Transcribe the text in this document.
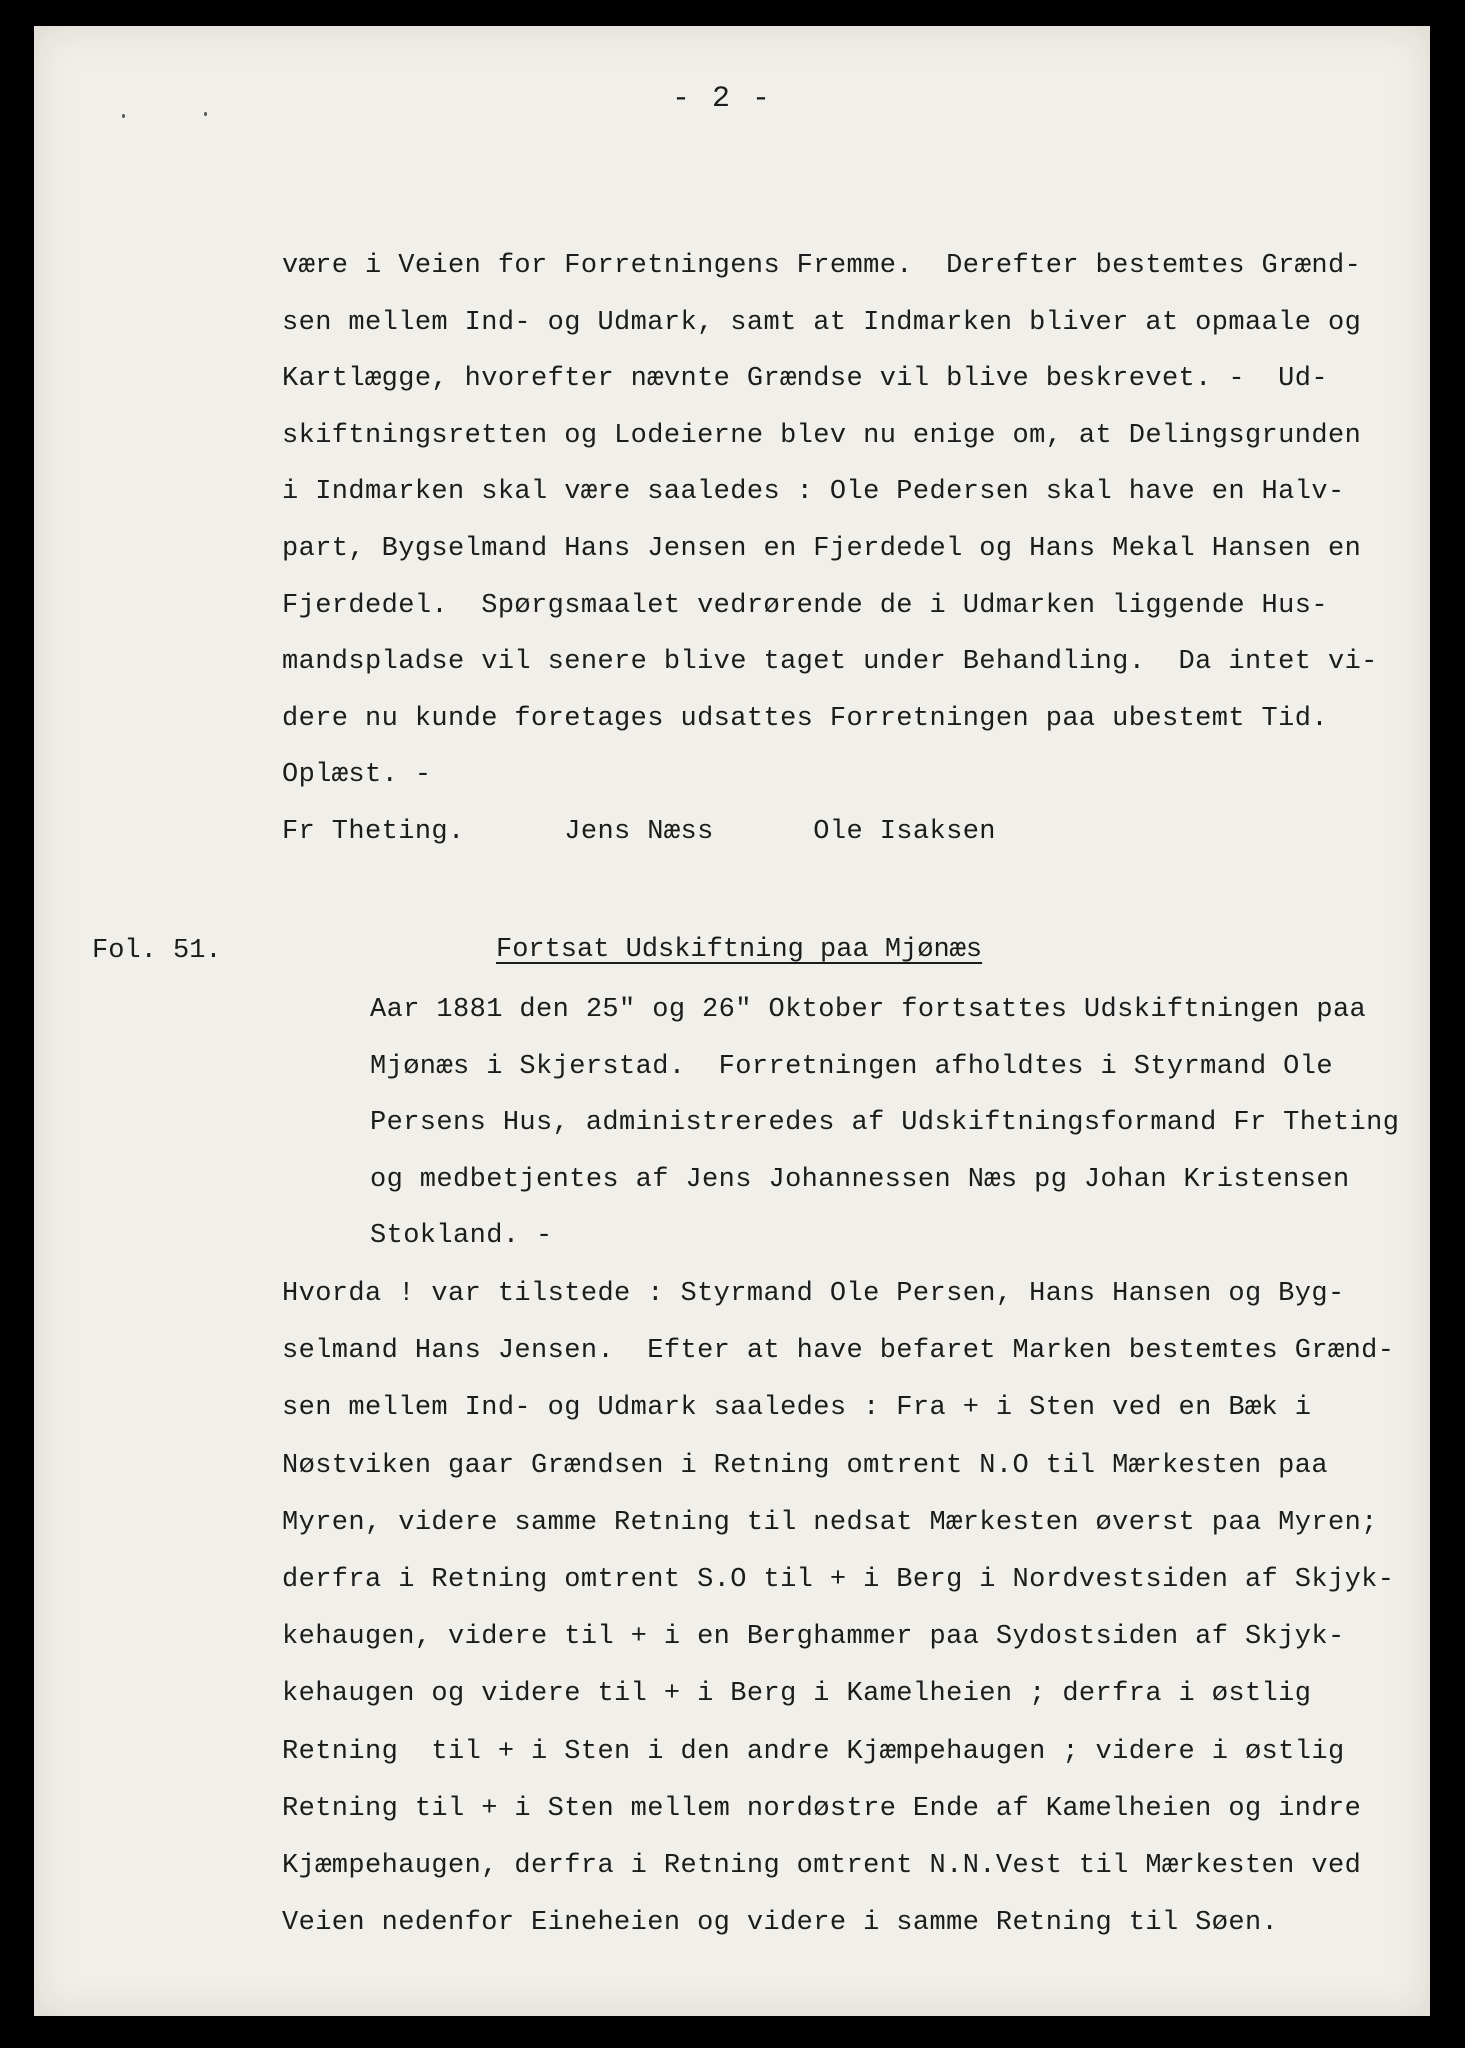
- 2 -
være i Veien for Forretningens Fremme.  Derefter bestemtes Grænd-
sen mellem Ind- og Udmark, samt at Indmarken bliver at opmaale og
Kartlægge, hvorefter nævnte Grændse vil blive beskrevet. -  Ud-
skiftningsretten og Lodeierne blev nu enige om, at Delingsgrunden
i Indmarken skal være saaledes : Ole Pedersen skal have en Halv-
part, Bygselmand Hans Jensen en Fjerdedel og Hans Mekal Hansen en
Fjerdedel.  Spørgsmaalet vedrørende de i Udmarken liggende Hus-
mandspladse vil senere blive taget under Behandling.  Da intet vi-
dere nu kunde foretages udsattes Forretningen paa ubestemt Tid.
Oplæst. -
Fr Theting.      Jens Næss      Ole Isaksen
Fol. 51.	Fortsat Udskiftning paa Mjønæs
Aar 1881 den 25" og 26" Oktober fortsattes Udskiftningen paa
Mjønæs i Skjerstad.  Forretningen afholdtes i Styrmand Ole
Persens Hus, administreredes af Udskiftningsformand Fr Theting
og medbetjentes af Jens Johannessen Næs pg Johan Kristensen
Stokland. -
Hvorda ! var tilstede : Styrmand Ole Persen, Hans Hansen og Byg-
selmand Hans Jensen.  Efter at have befaret Marken bestemtes Grænd-
sen mellem Ind- og Udmark saaledes : Fra + i Sten ved en Bæk i
Nøstviken gaar Grændsen i Retning omtrent N.O til Mærkesten paa
Myren, videre samme Retning til nedsat Mærkesten øverst paa Myren;
derfra i Retning omtrent S.O til + i Berg i Nordvestsiden af Skjyk-
kehaugen, videre til + i en Berghammer paa Sydostsiden af Skjyk-
kehaugen og videre til + i Berg i Kamelheien ; derfra i østlig
Retning  til + i Sten i den andre Kjæmpehaugen ; videre i østlig
Retning til + i Sten mellem nordøstre Ende af Kamelheien og indre
Kjæmpehaugen, derfra i Retning omtrent N.N.Vest til Mærkesten ved
Veien nedenfor Eineheien og videre i samme Retning til Søen.
